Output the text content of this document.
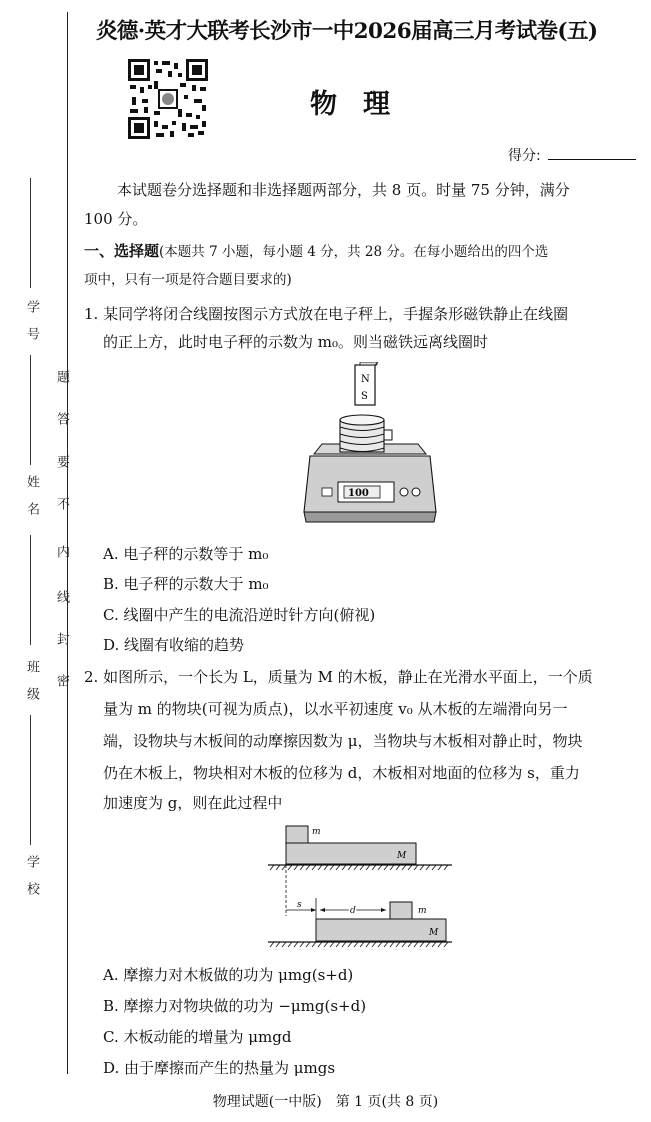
炎德·英才大联考长沙市一中2026届高三月考试卷(五)
物理
得分:
学号
姓名
班级
学校
题
答
要
不
内
线
封
密
本试题卷分选择题和非选择题两部分，共 8 页。时量 75 分钟，满分
100 分。
一、选择题(本题共 7 小题，每小题 4 分，共 28 分。在每小题给出的四个选
项中，只有一项是符合题目要求的)
1. 某同学将闭合线圈按图示方式放在电子秤上，手握条形磁铁静止在线圈
的正上方，此时电子秤的示数为 m₀。则当磁铁远离线圈时
N
S
100
A. 电子秤的示数等于 m₀
B. 电子秤的示数大于 m₀
C. 线圈中产生的电流沿逆时针方向(俯视)
D. 线圈有收缩的趋势
2. 如图所示，一个长为 L，质量为 M 的木板，静止在光滑水平面上，一个质
量为 m 的物块(可视为质点)，以水平初速度 v₀ 从木板的左端滑向另一
端，设物块与木板间的动摩擦因数为 μ，当物块与木板相对静止时，物块
仍在木板上，物块相对木板的位移为 d，木板相对地面的位移为 s，重力
加速度为 g，则在此过程中
m
M
s
d	m
M
A. 摩擦力对木板做的功为 μmg(s+d)
B. 摩擦力对物块做的功为 −μmg(s+d)
C. 木板动能的增量为 μmgd
D. 由于摩擦而产生的热量为 μmgs
物理试题(一中版)　第 1 页(共 8 页)
